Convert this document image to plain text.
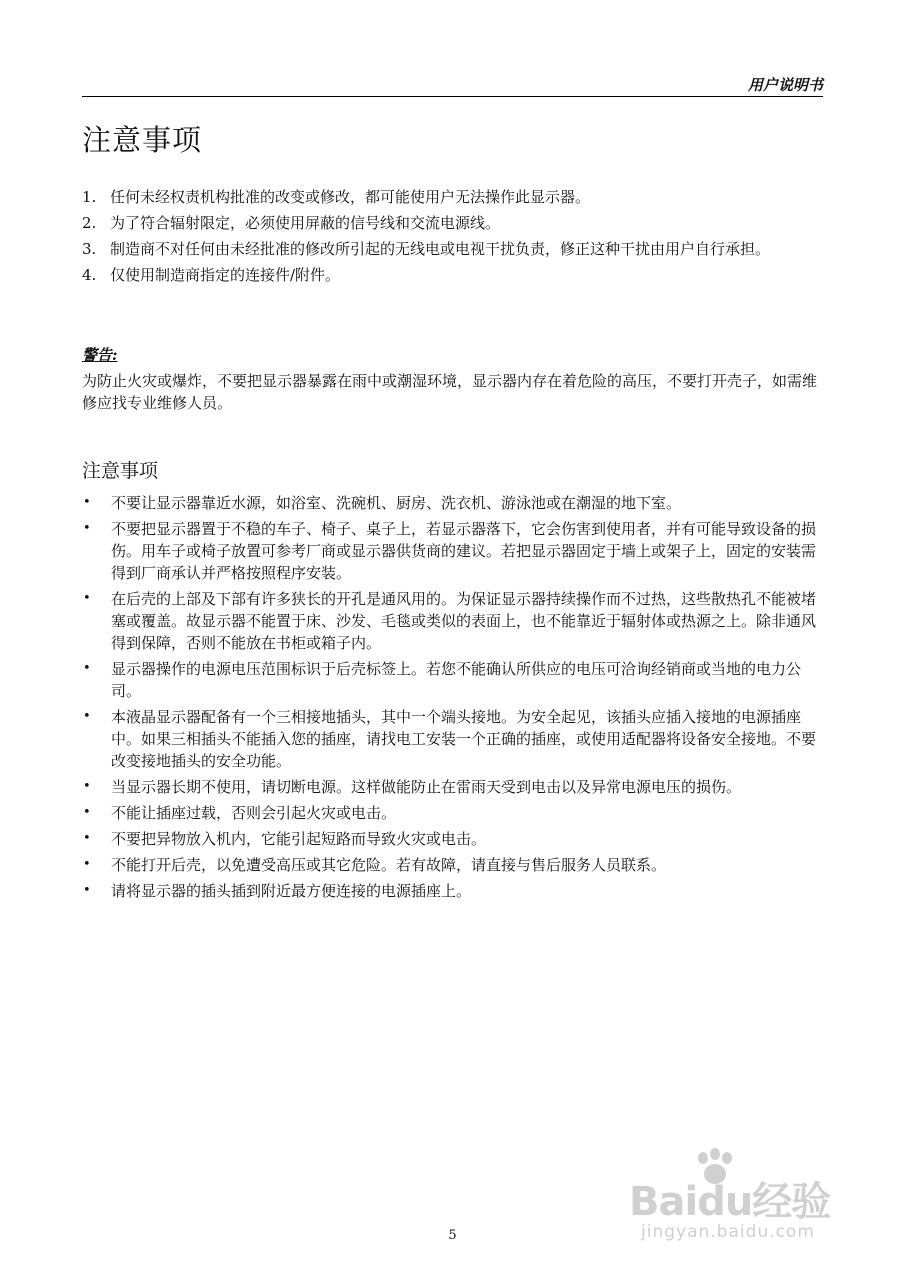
用户说明书
注意事项
1. 任何未经权责机构批准的改变或修改，都可能使用户无法操作此显示器。
2. 为了符合辐射限定，必须使用屏蔽的信号线和交流电源线。
3. 制造商不对任何由未经批准的修改所引起的无线电或电视干扰负责，修正这种干扰由用户自行承担。
4. 仅使用制造商指定的连接件/附件。
警告:

为防止火灾或爆炸，不要把显示器暴露在雨中或潮湿环境，显示器内存在着危险的高压，不要打开壳子，如需维修应找专业维修人员。

注意事项
• 不要让显示器靠近水源，如浴室、洗碗机、厨房、洗衣机、游泳池或在潮湿的地下室。
• 不要把显示器置于不稳的车子、椅子、桌子上，若显示器落下，它会伤害到使用者，并有可能导致设备的损伤。用车子或椅子放置可参考厂商或显示器供货商的建议。若把显示器固定于墙上或架子上，固定的安装需得到厂商承认并严格按照程序安装。
• 在后壳的上部及下部有许多狭长的开孔是通风用的。为保证显示器持续操作而不过热，这些散热孔不能被堵塞或覆盖。故显示器不能置于床、沙发、毛毯或类似的表面上，也不能靠近于辐射体或热源之上。除非通风得到保障，否则不能放在书柜或箱子内。
• 显示器操作的电源电压范围标识于后壳标签上。若您不能确认所供应的电压可洽询经销商或当地的电力公司。
• 本液晶显示器配备有一个三相接地插头，其中一个端头接地。为安全起见，该插头应插入接地的电源插座中。如果三相插头不能插入您的插座，请找电工安装一个正确的插座，或使用适配器将设备安全接地。不要改变接地插头的安全功能。
• 当显示器长期不使用，请切断电源。这样做能防止在雷雨天受到电击以及异常电源电压的损伤。
• 不能让插座过载，否则会引起火灾或电击。
• 不要把异物放入机内，它能引起短路而导致火灾或电击。
• 不能打开后壳，以免遭受高压或其它危险。若有故障，请直接与售后服务人员联系。
• 请将显示器的插头插到附近最方便连接的电源插座上。
5
Baidu经验
jingyan.baidu.com
